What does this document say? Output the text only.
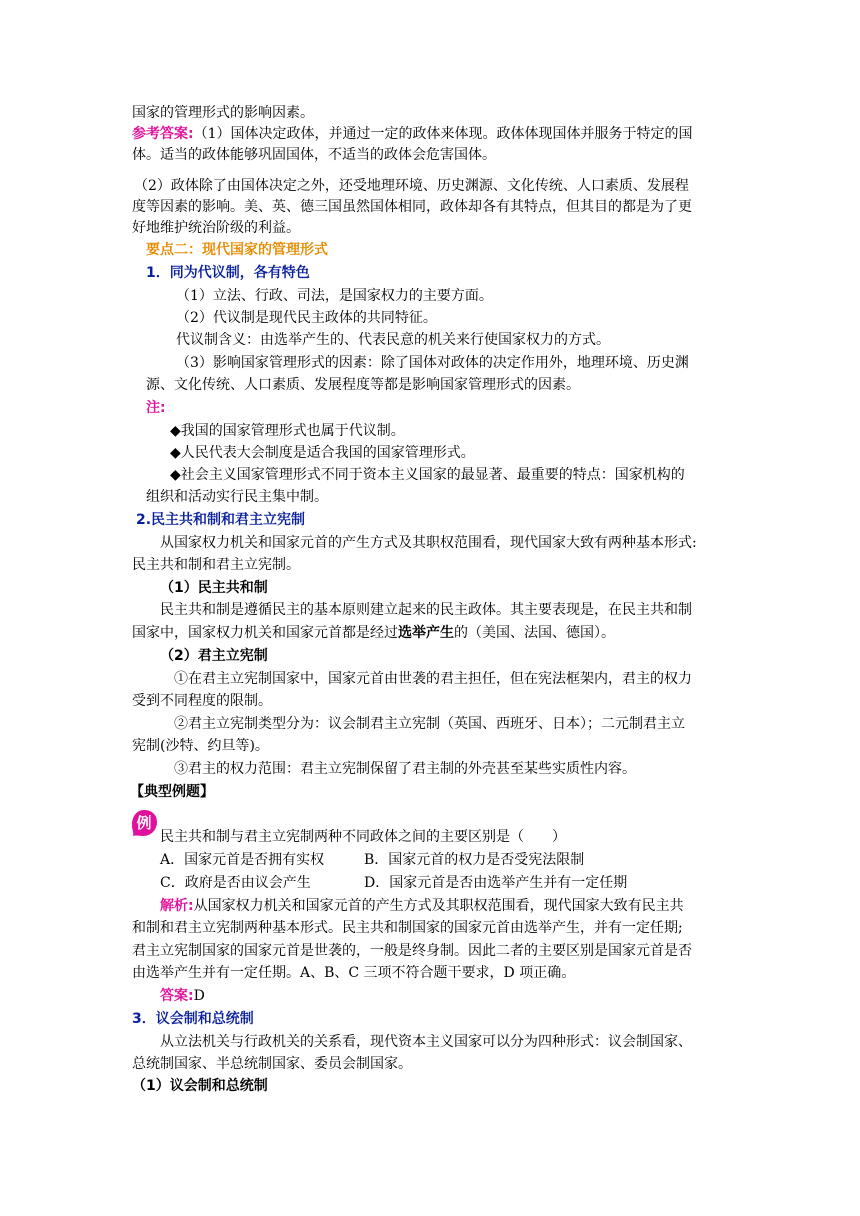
国家的管理形式的影响因素。
参考答案:（1）国体决定政体，并通过一定的政体来体现。政体体现国体并服务于特定的国
体。适当的政体能够巩固国体，不适当的政体会危害国体。
（2）政体除了由国体决定之外，还受地理环境、历史渊源、文化传统、人口素质、发展程
度等因素的影响。美、英、德三国虽然国体相同，政体却各有其特点，但其目的都是为了更
好地维护统治阶级的利益。
要点二：现代国家的管理形式
1．同为代议制，各有特色
（1）立法、行政、司法，是国家权力的主要方面。
（2）代议制是现代民主政体的共同特征。
代议制含义：由选举产生的、代表民意的机关来行使国家权力的方式。
（3）影响国家管理形式的因素：除了国体对政体的决定作用外，地理环境、历史渊
源、文化传统、人口素质、发展程度等都是影响国家管理形式的因素。
注:
◆我国的国家管理形式也属于代议制。
◆人民代表大会制度是适合我国的国家管理形式。
◆社会主义国家管理形式不同于资本主义国家的最显著、最重要的特点：国家机构的
组织和活动实行民主集中制。
2.民主共和制和君主立宪制
从国家权力机关和国家元首的产生方式及其职权范围看，现代国家大致有两种基本形式:
民主共和制和君主立宪制。
（1）民主共和制
民主共和制是遵循民主的基本原则建立起来的民主政体。其主要表现是，在民主共和制
国家中，国家权力机关和国家元首都是经过选举产生的（美国、法国、德国）。
（2）君主立宪制
①在君主立宪制国家中，国家元首由世袭的君主担任，但在宪法框架内，君主的权力
受到不同程度的限制。
②君主立宪制类型分为：议会制君主立宪制（英国、西班牙、日本）；二元制君主立
宪制(沙特、约旦等)。
③君主的权力范围：君主立宪制保留了君主制的外壳甚至某些实质性内容。
【典型例题】
例
民主共和制与君主立宪制两种不同政体之间的主要区别是（　　）
A．国家元首是否拥有实权	B．国家元首的权力是否受宪法限制
C．政府是否由议会产生	D．国家元首是否由选举产生并有一定任期
解析:从国家权力机关和国家元首的产生方式及其职权范围看，现代国家大致有民主共
和制和君主立宪制两种基本形式。民主共和制国家的国家元首由选举产生，并有一定任期;
君主立宪制国家的国家元首是世袭的，一般是终身制。因此二者的主要区别是国家元首是否
由选举产生并有一定任期。A、B、C 三项不符合题干要求，D 项正确。
答案:D
3．议会制和总统制
从立法机关与行政机关的关系看，现代资本主义国家可以分为四种形式：议会制国家、
总统制国家、半总统制国家、委员会制国家。
（1）议会制和总统制
